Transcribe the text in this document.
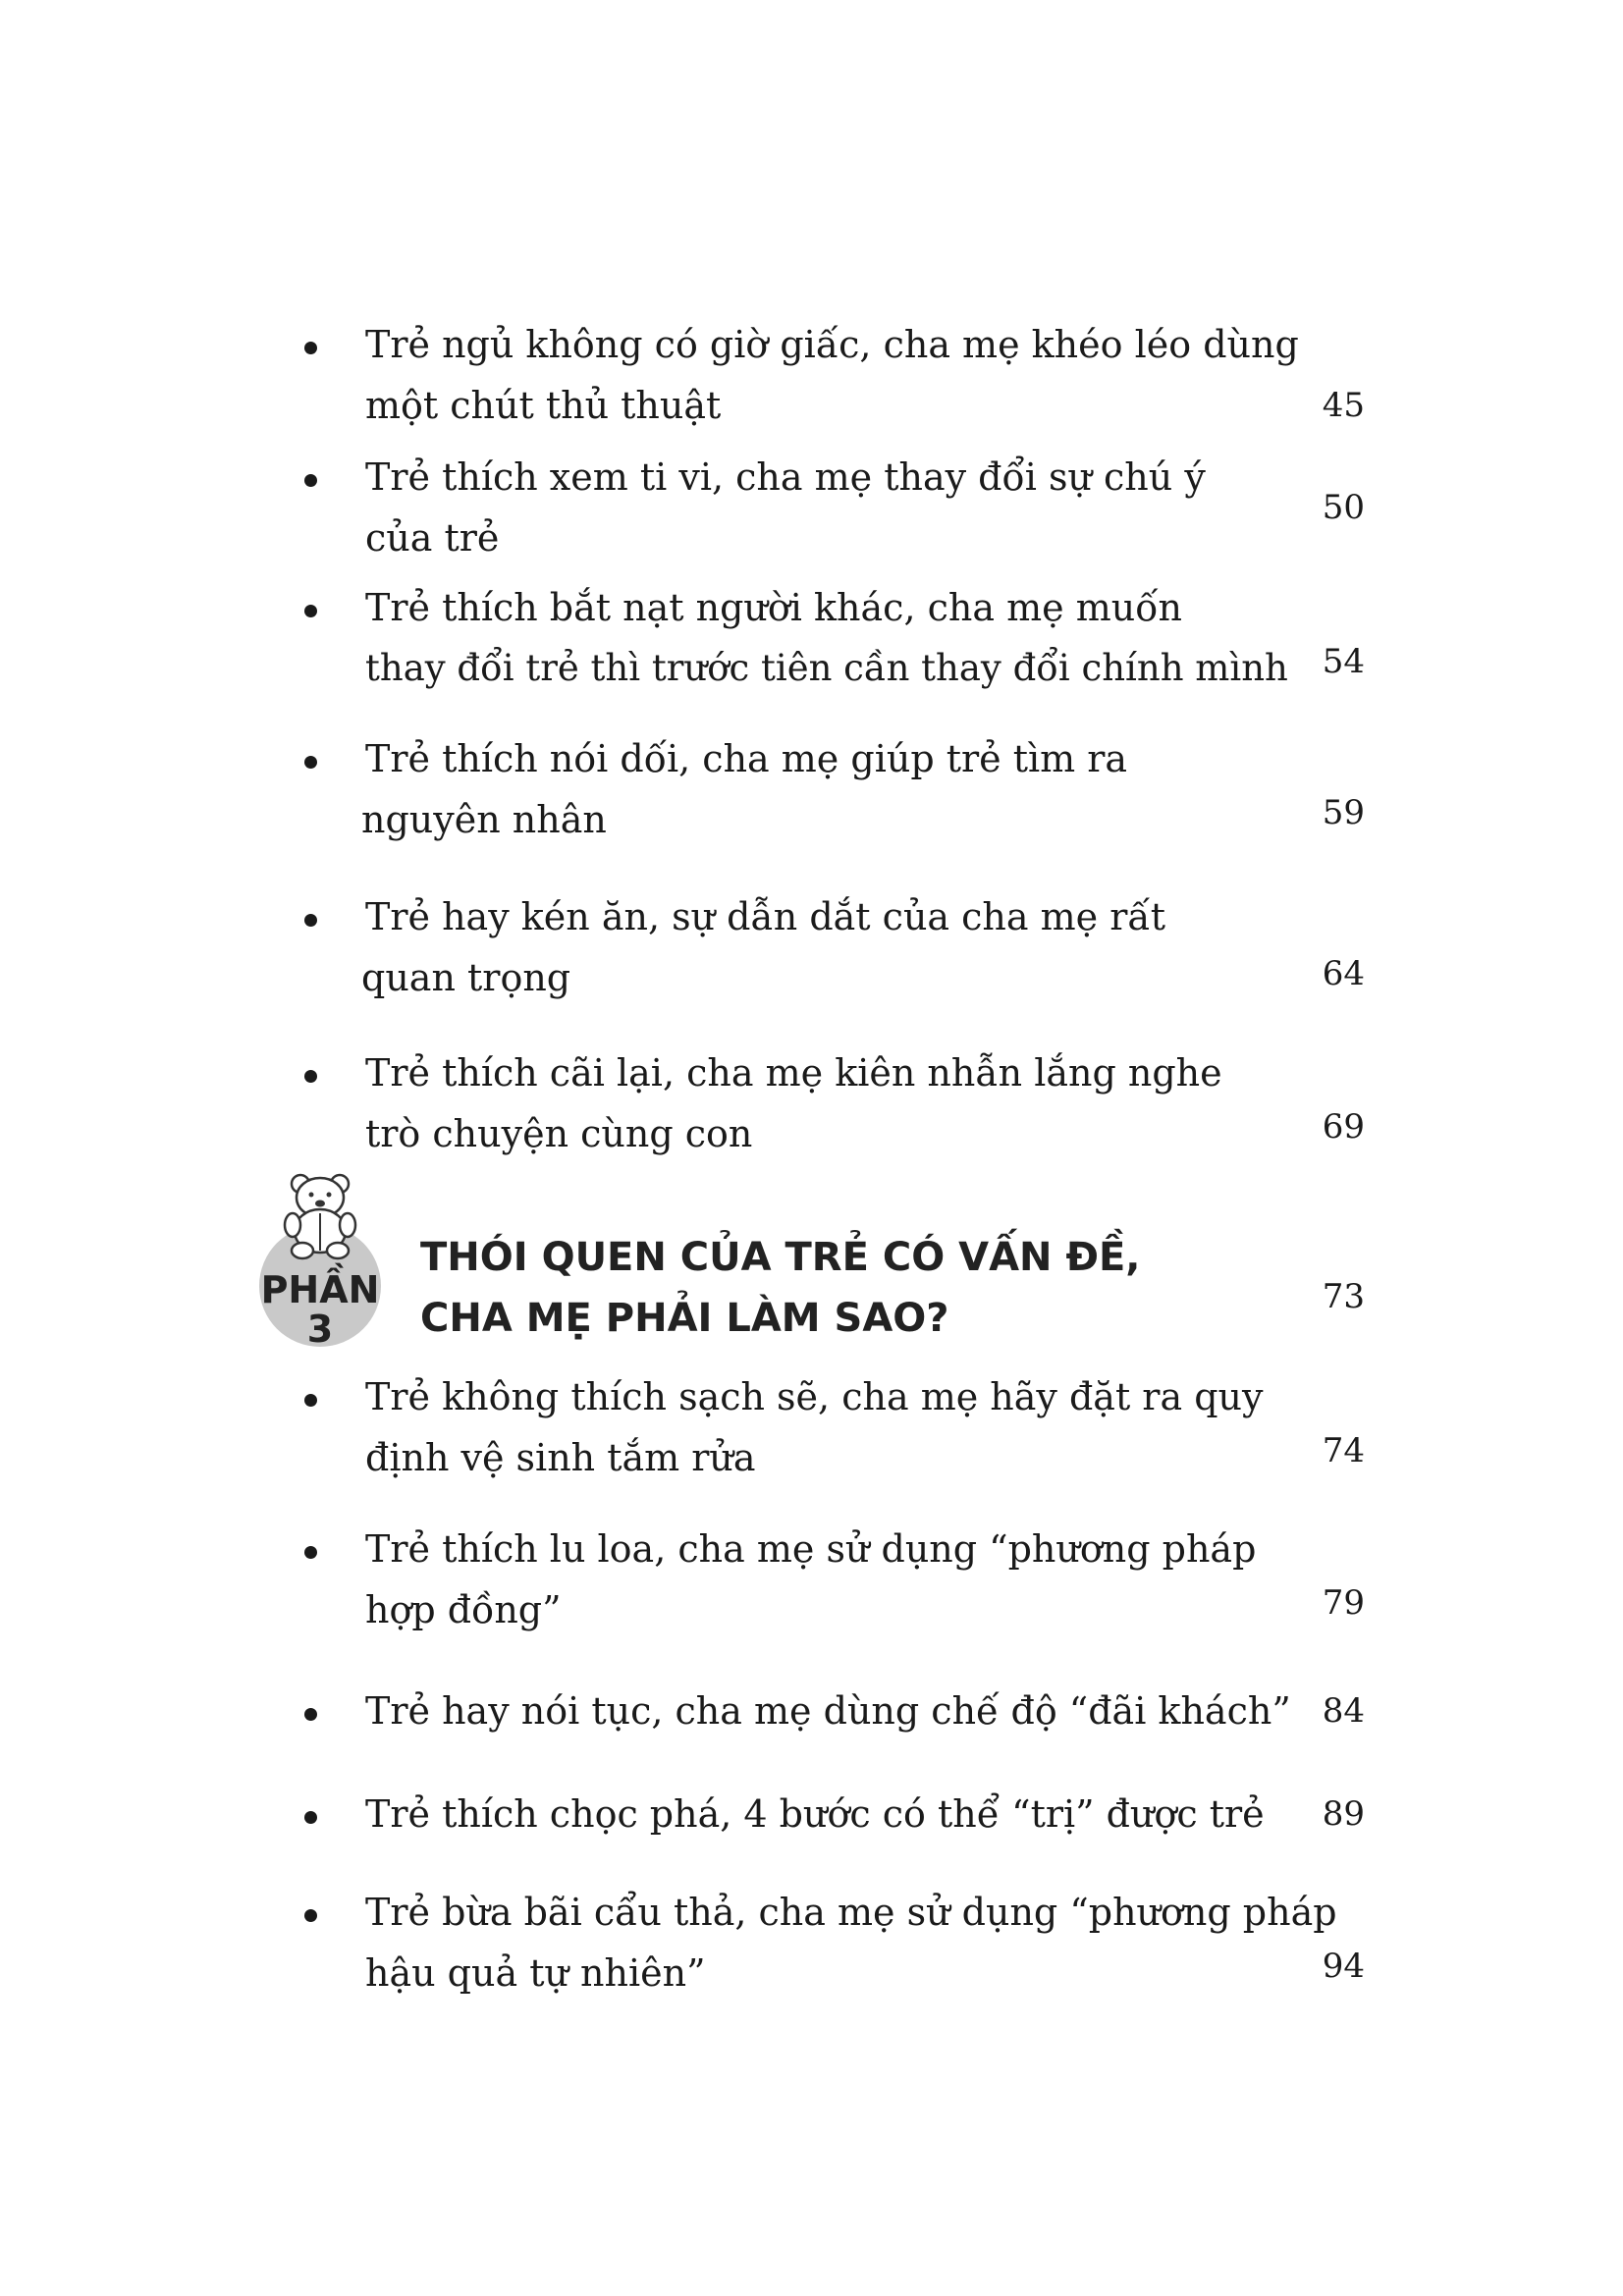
Trẻ ngủ không có giờ giấc, cha mẹ khéo léo dùng
một chút thủ thuật	45
Trẻ thích xem ti vi, cha mẹ thay đổi sự chú ý
của trẻ
50
Trẻ thích bắt nạt người khác, cha mẹ muốn
thay đổi trẻ thì trước tiên cần thay đổi chính mình	54
Trẻ thích nói dối, cha mẹ giúp trẻ tìm ra
nguyên nhân	59
Trẻ hay kén ăn, sự dẫn dắt của cha mẹ rất
quan trọng	64
Trẻ thích cãi lại, cha mẹ kiên nhẫn lắng nghe
trò chuyện cùng con	69
PHẦN
3
THÓI QUEN CỦA TRẺ CÓ VẤN ĐỀ,
CHA MẸ PHẢI LÀM SAO?	73
Trẻ không thích sạch sẽ, cha mẹ hãy đặt ra quy
định vệ sinh tắm rửa	74
Trẻ thích lu loa, cha mẹ sử dụng “phương pháp
hợp đồng”	79
Trẻ hay nói tục, cha mẹ dùng chế độ “đãi khách” 84
Trẻ thích chọc phá, 4 bước có thể “trị” được trẻ	89
Trẻ bừa bãi cẩu thả, cha mẹ sử dụng “phương pháp
hậu quả tự nhiên”	94
